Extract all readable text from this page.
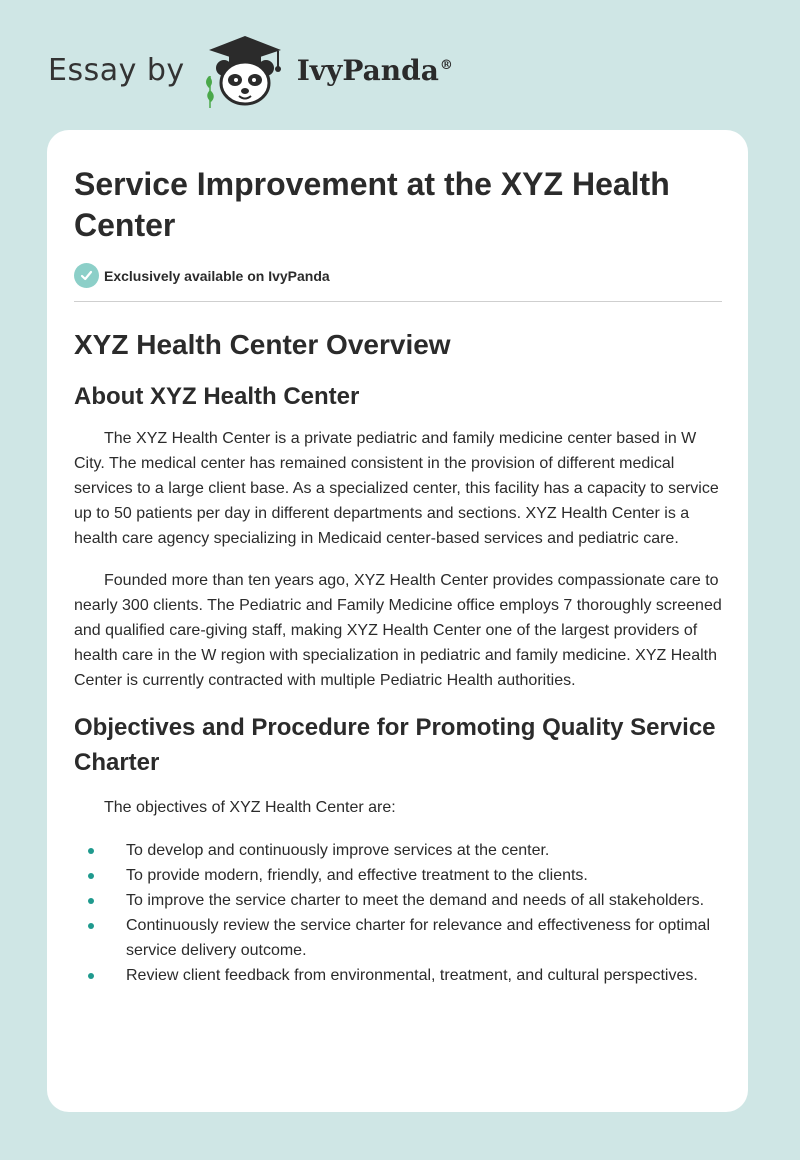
Essay by	IvyPanda®
Service Improvement at the XYZ Health Center
Exclusively available on IvyPanda
XYZ Health Center Overview
About XYZ Health Center

The XYZ Health Center is a private pediatric and family medicine center based in W City. The medical center has remained consistent in the provision of different medical services to a large client base. As a specialized center, this facility has a capacity to service up to 50 patients per day in different departments and sections. XYZ Health Center is a health care agency specializing in Medicaid center-based services and pediatric care.

Founded more than ten years ago, XYZ Health Center provides compassionate care to nearly 300 clients. The Pediatric and Family Medicine office employs 7 thoroughly screened and qualified care-giving staff, making XYZ Health Center one of the largest providers of health care in the W region with specialization in pediatric and family medicine. XYZ Health Center is currently contracted with multiple Pediatric Health authorities.

Objectives and Procedure for Promoting Quality Service Charter

The objectives of XYZ Health Center are:

To develop and continuously improve services at the center.
To provide modern, friendly, and effective treatment to the clients.
To improve the service charter to meet the demand and needs of all stakeholders.
Continuously review the service charter for relevance and effectiveness for optimal service delivery outcome.
Review client feedback from environmental, treatment, and cultural perspectives.
